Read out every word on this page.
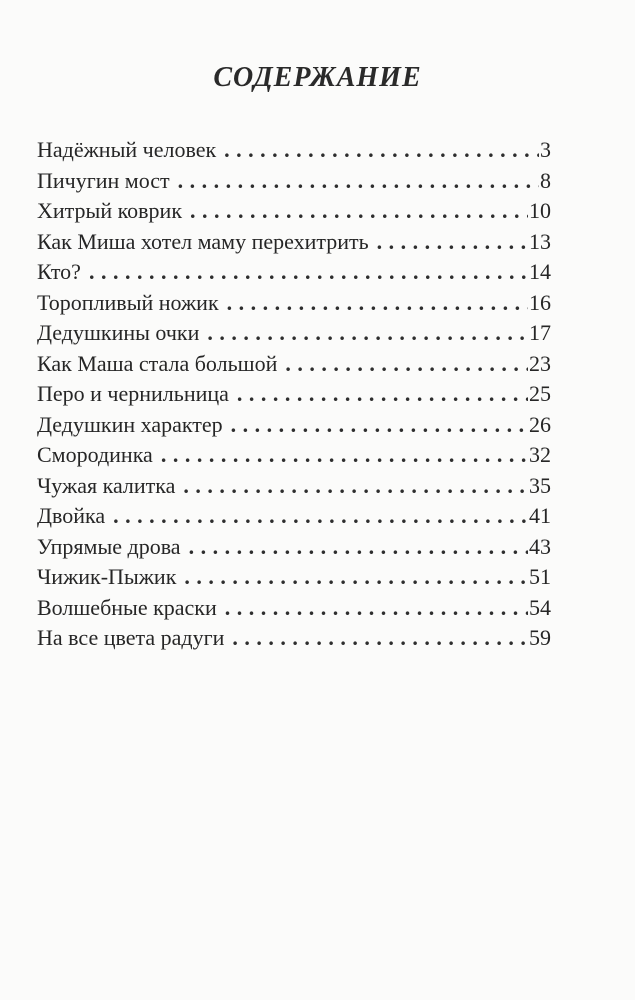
СОДЕРЖАНИЕ
Надёжный человек . . .	3
Пичугин мост . . .	8
Хитрый коврик . . .	10
Как Миша хотел маму перехитрить . . .	13
Кто? . . .	14
Торопливый ножик . . .	16
Дедушкины очки . . .	17
Как Маша стала большой . . .	23
Перо и чернильница . . .	25
Дедушкин характер . . .	26
Смородинка . . .	32
Чужая калитка . . .	35
Двойка . . .	41
Упрямые дрова . . .	43
Чижик-Пыжик . . .	51
Волшебные краски . . .	54
На все цвета радуги . . .	59
